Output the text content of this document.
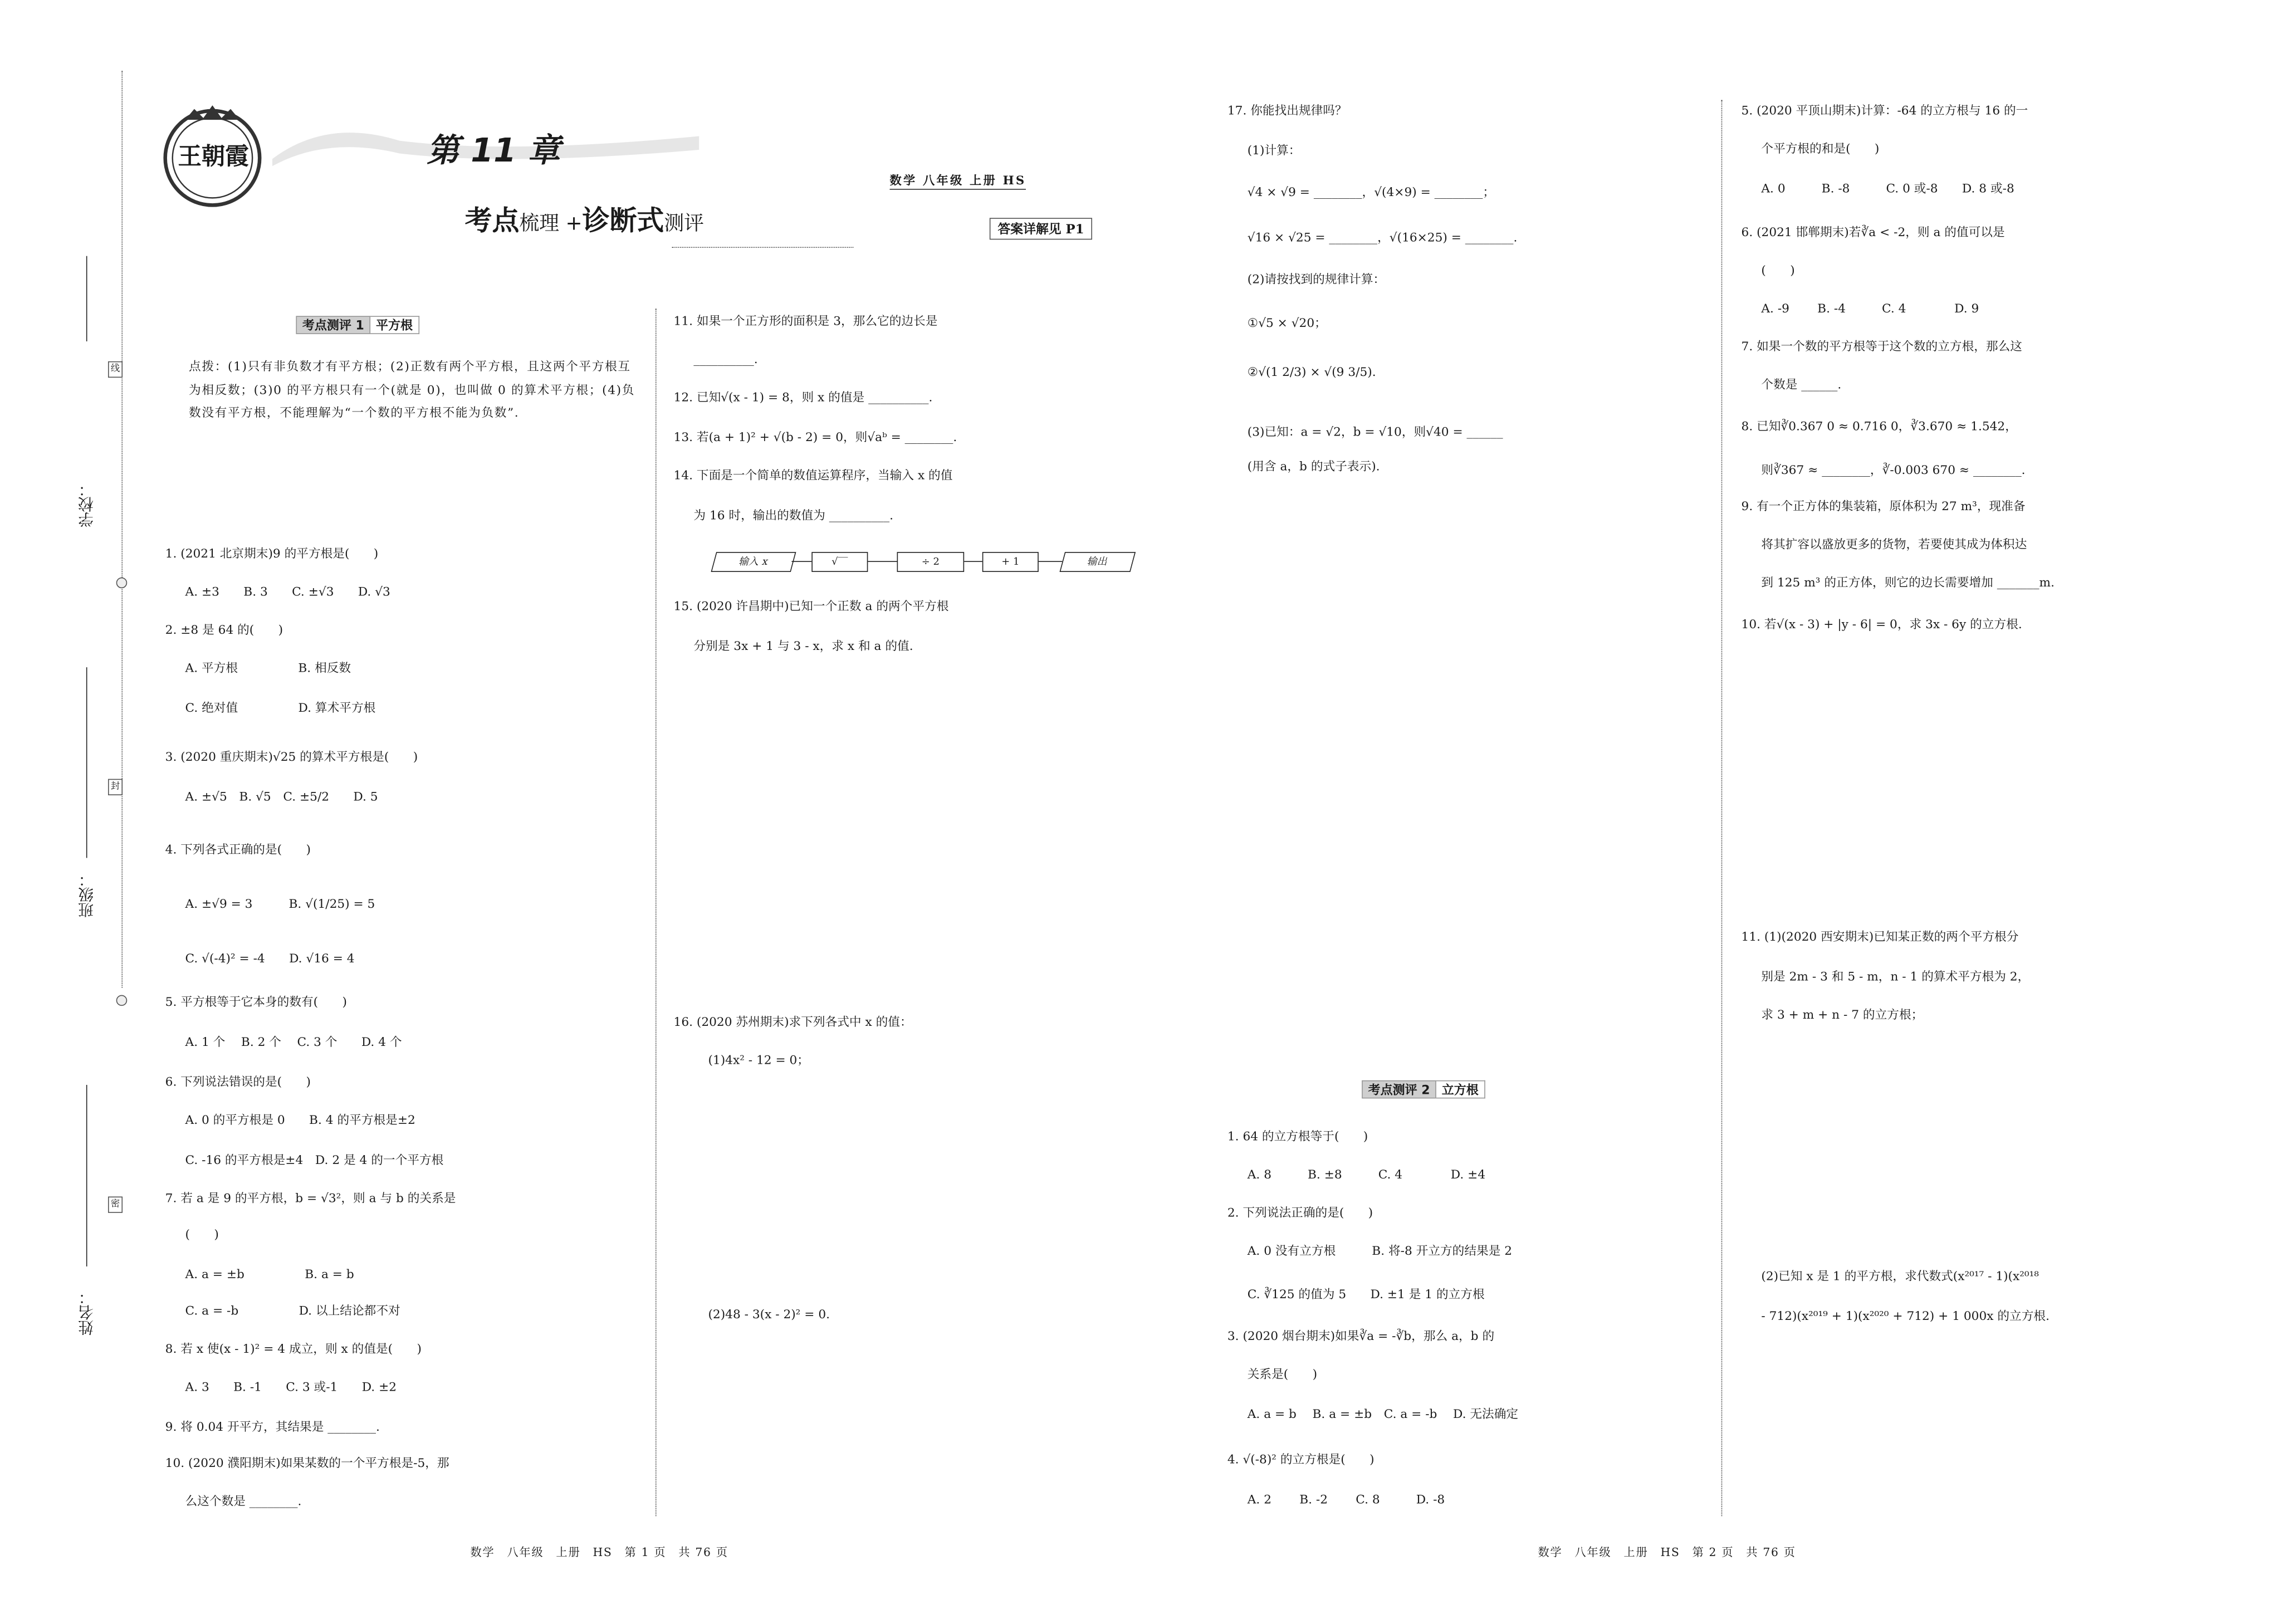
学校：
班级：
姓名：
线
封
密
王朝霞	第 11 章
考点梳理 +诊断式测评
数学 八年级 上册 HS
答案详解见 P1
考点测评 1	平方根
点拨：(1)只有非负数才有平方根；(2)正数有两个平方根，且这两个平方根互为相反数；(3)0 的平方根只有一个(就是 0)，也叫做 0 的算术平方根；(4)负数没有平方根，不能理解为“一个数的平方根不能为负数”.
1. (2021 北京期末)9 的平方根是(　　)
A. ±3　　B. 3　　C. ±√3　　D. √3
2. ±8 是 64 的(　　)
A. 平方根　　　　　B. 相反数
C. 绝对值　　　　　D. 算术平方根
3. (2020 重庆期末)√25 的算术平方根是(　　)
A. ±√5　B. √5　C. ±5/2　　D. 5
4. 下列各式正确的是(　　)
A. ±√9 = 3　　　B. √(1/25) = 5
C. √(-4)² = -4　　D. √16 = 4
5. 平方根等于它本身的数有(　　)
A. 1 个　 B. 2 个　 C. 3 个　　D. 4 个
6. 下列说法错误的是(　　)
A. 0 的平方根是 0　　B. 4 的平方根是±2
C. -16 的平方根是±4　D. 2 是 4 的一个平方根
7. 若 a 是 9 的平方根，b = √3²，则 a 与 b 的关系是
(　　)
A. a = ±b　　　　　B. a = b
C. a = -b　　　　　D. 以上结论都不对
8. 若 x 使(x - 1)² = 4 成立，则 x 的值是(　　)
A. 3　　B. -1　　C. 3 或-1　　D. ±2
9. 将 0.04 开平方，其结果是 ________.
10. (2020 濮阳期末)如果某数的一个平方根是-5，那
么这个数是 ________.
11. 如果一个正方形的面积是 3，那么它的边长是
__________.
12. 已知√(x - 1) = 8，则 x 的值是 __________.
13. 若(a + 1)² + √(b - 2) = 0，则√aᵇ = ________.
14. 下面是一个简单的数值运算程序，当输入 x 的值
为 16 时，输出的数值为 __________.
15. (2020 许昌期中)已知一个正数 a 的两个平方根
分别是 3x + 1 与 3 - x，求 x 和 a 的值.
16. (2020 苏州期末)求下列各式中 x 的值：
(1)4x² - 12 = 0；
(2)48 - 3(x - 2)² = 0.
输入 x	√‾‾	÷ 2	+ 1	输出
17. 你能找出规律吗？
(1)计算：
√4 × √9 = ________，√(4×9) = ________；
√16 × √25 = ________，√(16×25) = ________.
(2)请按找到的规律计算：
①√5 × √20；
②√(1 2/3) × √(9 3/5).
(3)已知：a = √2，b = √10，则√40 = ______
(用含 a，b 的式子表示).
考点测评 2	立方根
1. 64 的立方根等于(　　)
A. 8　　　B. ±8　　　C. 4　　　　D. ±4
2. 下列说法正确的是(　　)
A. 0 没有立方根　　　B. 将-8 开立方的结果是 2
C. ∛125 的值为 5　　D. ±1 是 1 的立方根
3. (2020 烟台期末)如果∛a = -∛b，那么 a，b 的
关系是(　　)
A. a = b　 B. a = ±b　C. a = -b　 D. 无法确定
4. √(-8)² 的立方根是(　　)
A. 2　　 B. -2　　 C. 8　　　D. -8
5. (2020 平顶山期末)计算：-64 的立方根与 16 的一
个平方根的和是(　　)
A. 0　　　B. -8　　　C. 0 或-8　　D. 8 或-8
6. (2021 邯郸期末)若∛a < -2，则 a 的值可以是
(　　)
A. -9　　 B. -4　　　C. 4　　　　D. 9
7. 如果一个数的平方根等于这个数的立方根，那么这
个数是 ______.
8. 已知∛0.367 0 ≈ 0.716 0，∛3.670 ≈ 1.542，
则∛367 ≈ ________，∛-0.003 670 ≈ ________.
9. 有一个正方体的集装箱，原体积为 27 m³，现准备
将其扩容以盛放更多的货物，若要使其成为体积达
到 125 m³ 的正方体，则它的边长需要增加 _______m.
10. 若√(x - 3) + |y - 6| = 0，求 3x - 6y 的立方根.
11. (1)(2020 西安期末)已知某正数的两个平方根分
别是 2m - 3 和 5 - m，n - 1 的算术平方根为 2，
求 3 + m + n - 7 的立方根；
(2)已知 x 是 1 的平方根，求代数式(x²⁰¹⁷ - 1)(x²⁰¹⁸
- 712)(x²⁰¹⁹ + 1)(x²⁰²⁰ + 712) + 1 000x 的立方根.
数学　八年级　上册　HS　第 1 页　共 76 页	数学　八年级　上册　HS　第 2 页　共 76 页
